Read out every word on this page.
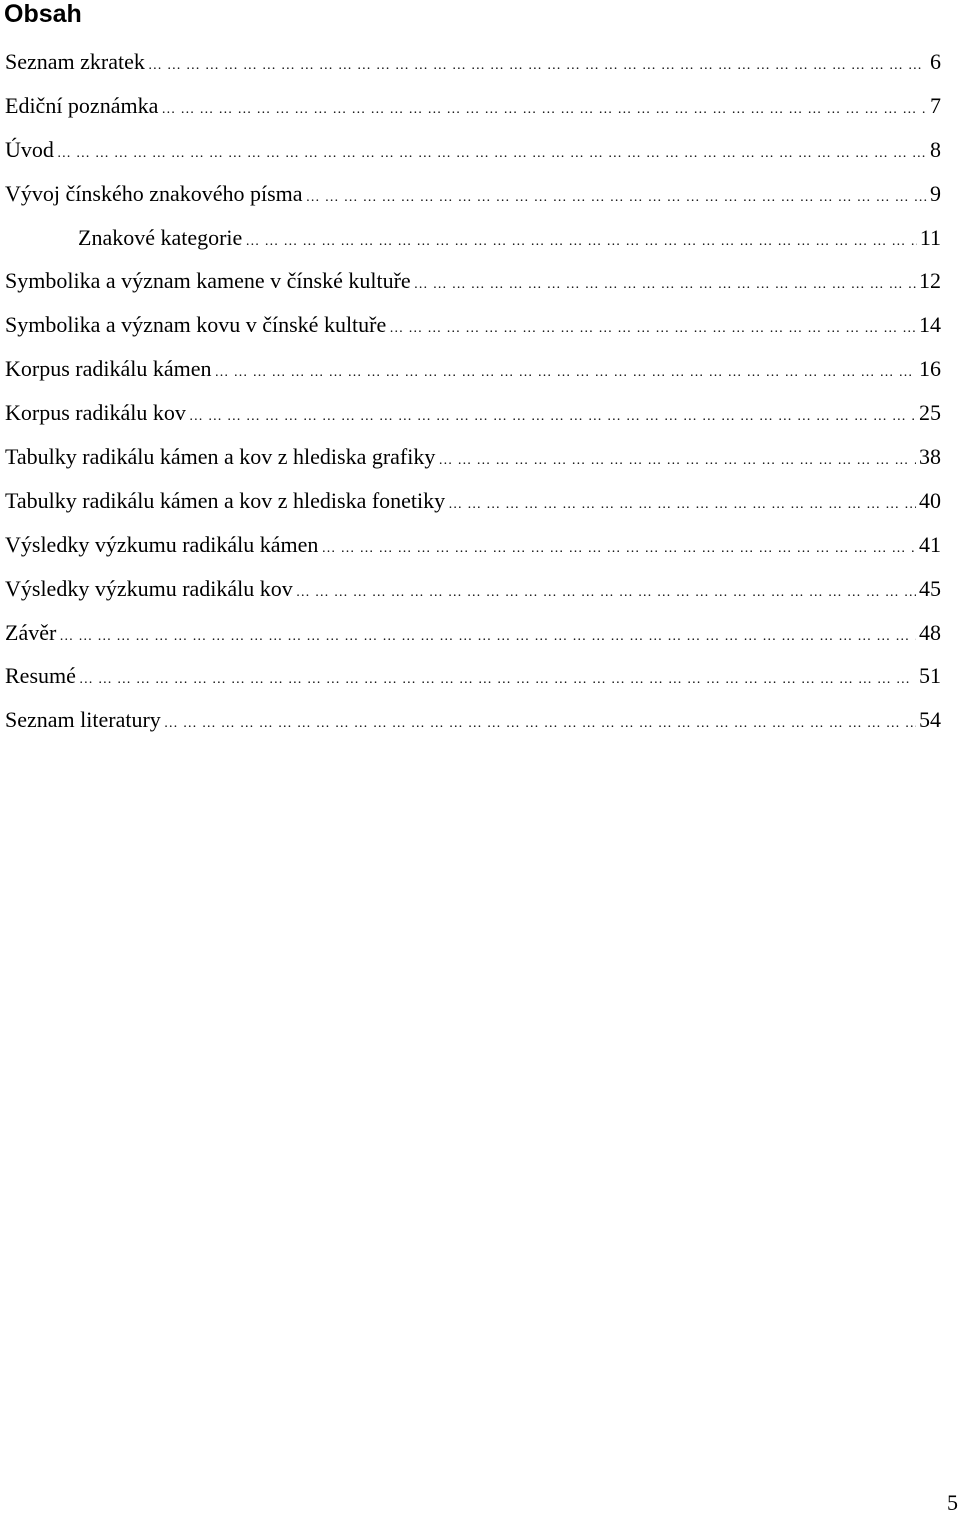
Obsah
Seznam zkratek …………………………………………………………………………………………………………………………………………………………………………	6
Ediční poznámka …………………………………………………………………………………………………………………………………………………………………………	7
Úvod …………………………………………………………………………………………………………………………………………………………………………	8
Vývoj čínského znakového písma …………………………………………………………………………………………………………………………………………………………………………	9
Znakové kategorie …………………………………………………………………………………………………………………………………………………………………………	11
Symbolika a význam kamene v čínské kultuře …………………………………………………………………………………………………………………………………………………………………………	12
Symbolika a význam kovu v čínské kultuře …………………………………………………………………………………………………………………………………………………………………………	14
Korpus radikálu kámen …………………………………………………………………………………………………………………………………………………………………………	16
Korpus radikálu kov …………………………………………………………………………………………………………………………………………………………………………	25
Tabulky radikálu kámen a kov z hlediska grafiky …………………………………………………………………………………………………………………………………………………………………………	38
Tabulky radikálu kámen a kov z hlediska fonetiky …………………………………………………………………………………………………………………………………………………………………………	40
Výsledky výzkumu radikálu kámen …………………………………………………………………………………………………………………………………………………………………………	41
Výsledky výzkumu radikálu kov …………………………………………………………………………………………………………………………………………………………………………	45
Závěr …………………………………………………………………………………………………………………………………………………………………………	48
Resumé …………………………………………………………………………………………………………………………………………………………………………	51
Seznam literatury …………………………………………………………………………………………………………………………………………………………………………	54
5
